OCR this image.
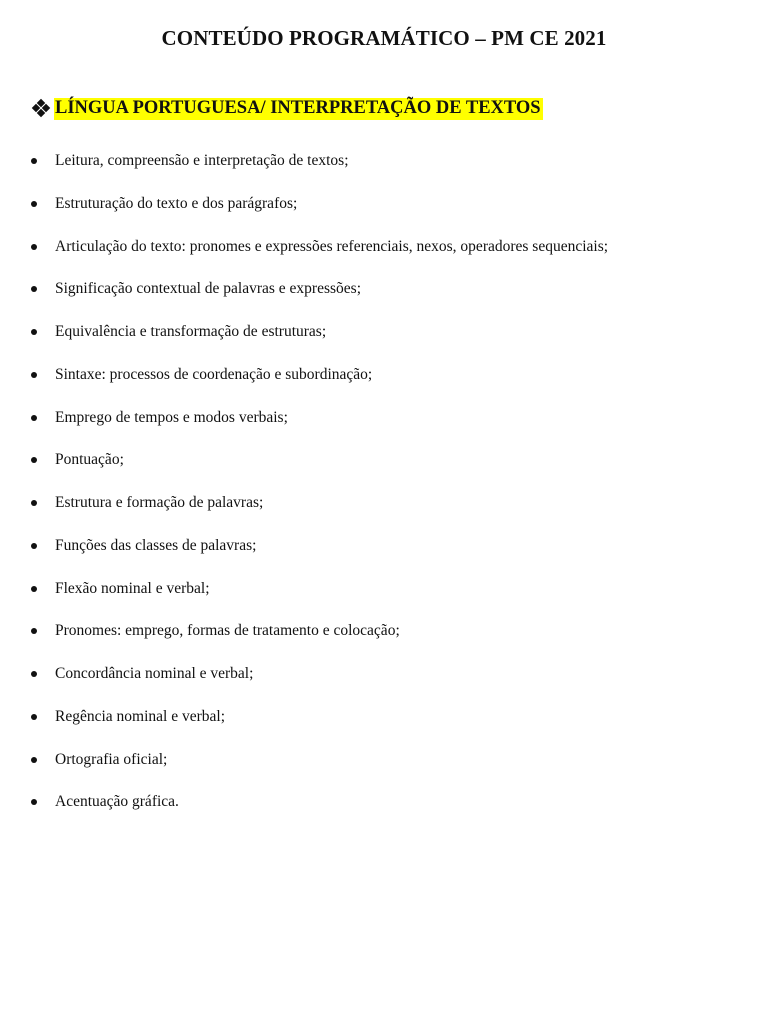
CONTEÚDO PROGRAMÁTICO – PM CE 2021
LÍNGUA PORTUGUESA/ INTERPRETAÇÃO DE TEXTOS
Leitura, compreensão e interpretação de textos;
Estruturação do texto e dos parágrafos;
Articulação do texto: pronomes e expressões referenciais, nexos, operadores sequenciais;
Significação contextual de palavras e expressões;
Equivalência e transformação de estruturas;
Sintaxe: processos de coordenação e subordinação;
Emprego de tempos e modos verbais;
Pontuação;
Estrutura e formação de palavras;
Funções das classes de palavras;
Flexão nominal e verbal;
Pronomes: emprego, formas de tratamento e colocação;
Concordância nominal e verbal;
Regência nominal e verbal;
Ortografia oficial;
Acentuação gráfica.
